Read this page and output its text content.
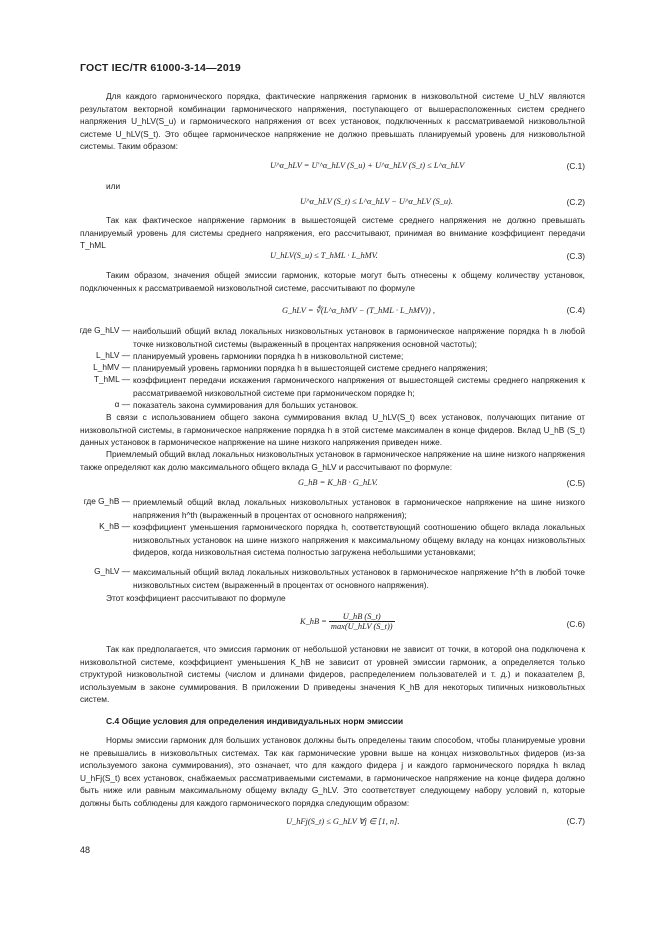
ГОСТ IEC/TR 61000-3-14—2019
Для каждого гармонического порядка, фактические напряжения гармоник в низковольтной системе U_hLV являются результатом векторной комбинации гармонического напряжения, поступающего от вышерасположенных систем среднего напряжения U_hLV(S_u) и гармонического напряжения от всех установок, подключенных к рассматриваемой низковольтной системе U_hLV(S_t). Это общее гармоническое напряжение не должно превышать планируемый уровень для низковольтной системы. Таким образом:
U^α_hLV = U'^α_hLV (S_u) + U^α_hLV (S_t) ≤ L^α_hLV	(С.1)
или
U^α_hLV (S_t) ≤ L^α_hLV − U^α_hLV (S_u).	(С.2)
Так как фактическое напряжение гармоник в вышестоящей системе среднего напряжения не должно превышать планируемый уровень для системы среднего напряжения, его рассчитывают, принимая во внимание коэффициент передачи T_hML
U_hLV(S_u) ≤ T_hML · L_hMV.	(С.3)
Таким образом, значения общей эмиссии гармоник, которые могут быть отнесены к общему количеству установок, подключенных к рассматриваемой низковольтной системе, рассчитывают по формуле
G_hLV = ∜(L^α_hMV − (T_hML · L_hMV)) ,	(С.4)
где G_hLV — наибольший общий вклад локальных низковольтных установок в гармоническое напряжение порядка h в любой точке низковольтной системы (выраженный в процентах напряжения основной частоты);
L_hLV — планируемый уровень гармоники порядка h в низковольтной системе;
L_hMV — планируемый уровень гармоники порядка h в вышестоящей системе среднего напряжения;
T_hML — коэффициент передачи искажения гармонического напряжения от вышестоящей системы среднего напряжения к рассматриваемой низковольтной системе при гармоническом порядке h;
α — показатель закона суммирования для больших установок.
В связи с использованием общего закона суммирования вклад U_hLV(S_t) всех установок, получающих питание от низковольтной системы, в гармоническое напряжение порядка h в этой системе максимален в конце фидеров. Вклад U_hB (S_t) данных установок в гармоническое напряжение на шине низкого напряжения приведен ниже.
Приемлемый общий вклад локальных низковольтных установок в гармоническое напряжение на шине низкого напряжения также определяют как долю максимального общего вклада G_hLV и рассчитывают по формуле:
G_hB = K_hB · G_hLV.	(С.5)
где G_hB — приемлемый общий вклад локальных низковольтных установок в гармоническое напряжение на шине низкого напряжения h^th (выраженный в процентах от основного напряжения);
K_hB — коэффициент уменьшения гармонического порядка h, соответствующий соотношению общего вклада локальных низковольтных установок на шине низкого напряжения к максимальному общему вкладу на концах низковольтных фидеров, когда низковольтная система полностью загружена небольшими установками;
G_hLV — максимальный общий вклад локальных низковольтных установок в гармоническое напряжение h^th в любой точке низковольтных систем (выраженный в процентах от основного напряжения).
Этот коэффициент рассчитывают по формуле
K_hB = $\frac{U\_hB (S\_t)}{\text{max(U\_hLV (S\_t))}}$	(С.6)
Так как предполагается, что эмиссия гармоник от небольшой установки не зависит от точки, в которой она подключена к низковольтной системе, коэффициент уменьшения K_hB не зависит от уровней эмиссии гармоник, а определяется только структурой низковольтной системы (числом и длинами фидеров, распределением пользователей и т. д.) и показателем β, используемым в законе суммирования. В приложении D приведены значения K_hB для некоторых типичных низковольтных систем.
С.4 Общие условия для определения индивидуальных норм эмиссии
Нормы эмиссии гармоник для больших установок должны быть определены таким способом, чтобы планируемые уровни не превышались в низковольтных системах. Так как гармонические уровни выше на концах низковольтных фидеров (из-за используемого закона суммирования), это означает, что для каждого фидера j и каждого гармонического порядка h вклад U_hFj(S_t) всех установок, снабжаемых рассматриваемыми системами, в гармоническое напряжение на конце фидера должно быть ниже или равным максимальному общему вкладу G_hLV. Это соответствует следующему набору условий n, которые должны быть соблюдены для каждого гармонического порядка следующим образом:
U_hFj(S_t) ≤ G_hLV ∀j ∈ [1, n].	(С.7)
48
